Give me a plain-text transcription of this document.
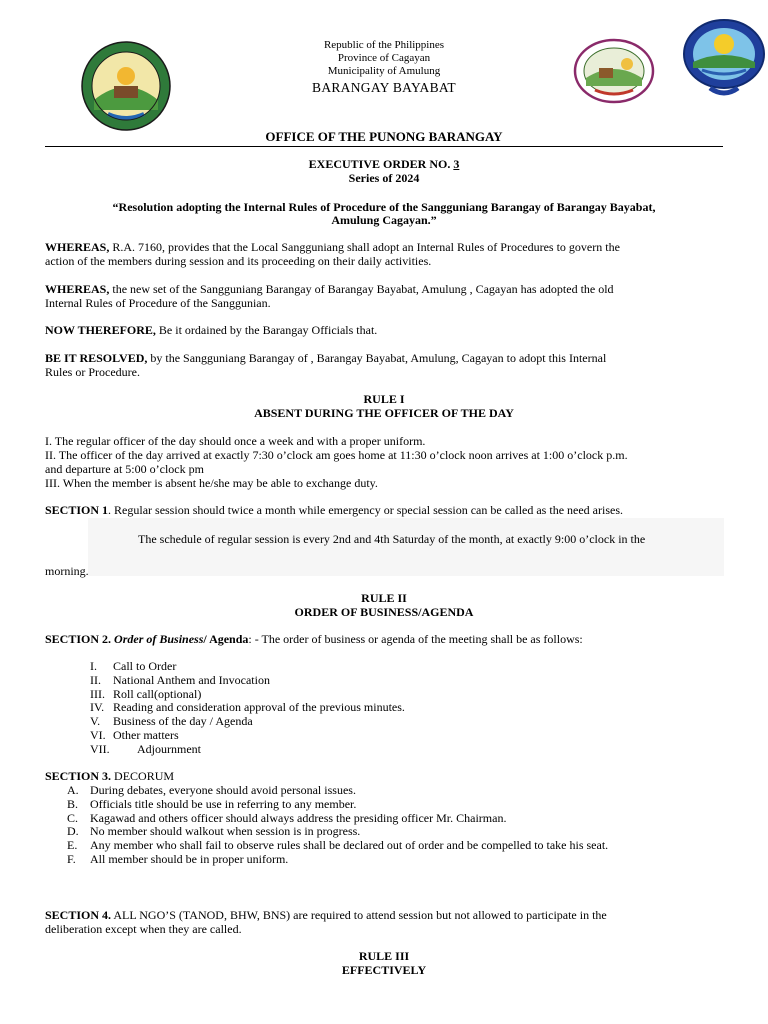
Republic of the Philippines
Province of Cagayan
Municipality of Amulung
BARANGAY BAYABAT
OFFICE OF THE PUNONG BARANGAY
EXECUTIVE ORDER NO. 3
Series of 2024
“Resolution adopting the Internal Rules of Procedure of the Sangguniang Barangay of Barangay Bayabat,
Amulung Cagayan.”
WHEREAS, R.A. 7160, provides that the Local Sangguniang shall adopt an Internal Rules of Procedures to govern the
action of the members during session and its proceeding on their daily activities.
WHEREAS, the new set of the Sangguniang Barangay of Barangay Bayabat, Amulung , Cagayan has adopted the old
Internal Rules of Procedure of the Sanggunian.
NOW THEREFORE, Be it ordained by the Barangay Officials that.
BE IT RESOLVED, by the Sangguniang Barangay of , Barangay Bayabat, Amulung, Cagayan to adopt this Internal
Rules or Procedure.
RULE I
ABSENT DURING THE OFFICER OF THE DAY
I. The regular officer of the day should once a week and with a proper uniform.
II. The officer of the day arrived at exactly 7:30 o’clock am goes home at 11:30 o’clock noon arrives at 1:00 o’clock p.m.
and departure at 5:00 o’clock pm
III. When the member is absent he/she may be able to exchange duty.
SECTION 1. Regular session should twice a month while emergency or special session can be called as the need arises.
The schedule of regular session is every 2nd and 4th Saturday of the month, at exactly 9:00 o’clock in the
morning.
RULE II
ORDER OF BUSINESS/AGENDA
SECTION 2. Order of Business/ Agenda: - The order of business or agenda of the meeting shall be as follows:
I. Call to Order
II. National Anthem and Invocation
III. Roll call(optional)
IV. Reading and consideration approval of the previous minutes.
V. Business of the day / Agenda
VI. Other matters
VII. Adjournment
SECTION 3. DECORUM
A. During debates, everyone should avoid personal issues.
B. Officials title should be use in referring to any member.
C. Kagawad and others officer should always address the presiding officer Mr. Chairman.
D. No member should walkout when session is in progress.
E. Any member who shall fail to observe rules shall be declared out of order and be compelled to take his seat.
F. All member should be in proper uniform.
SECTION 4. ALL NGO’S (TANOD, BHW, BNS) are required to attend session but not allowed to participate in the
deliberation except when they are called.
RULE III
EFFECTIVELY
